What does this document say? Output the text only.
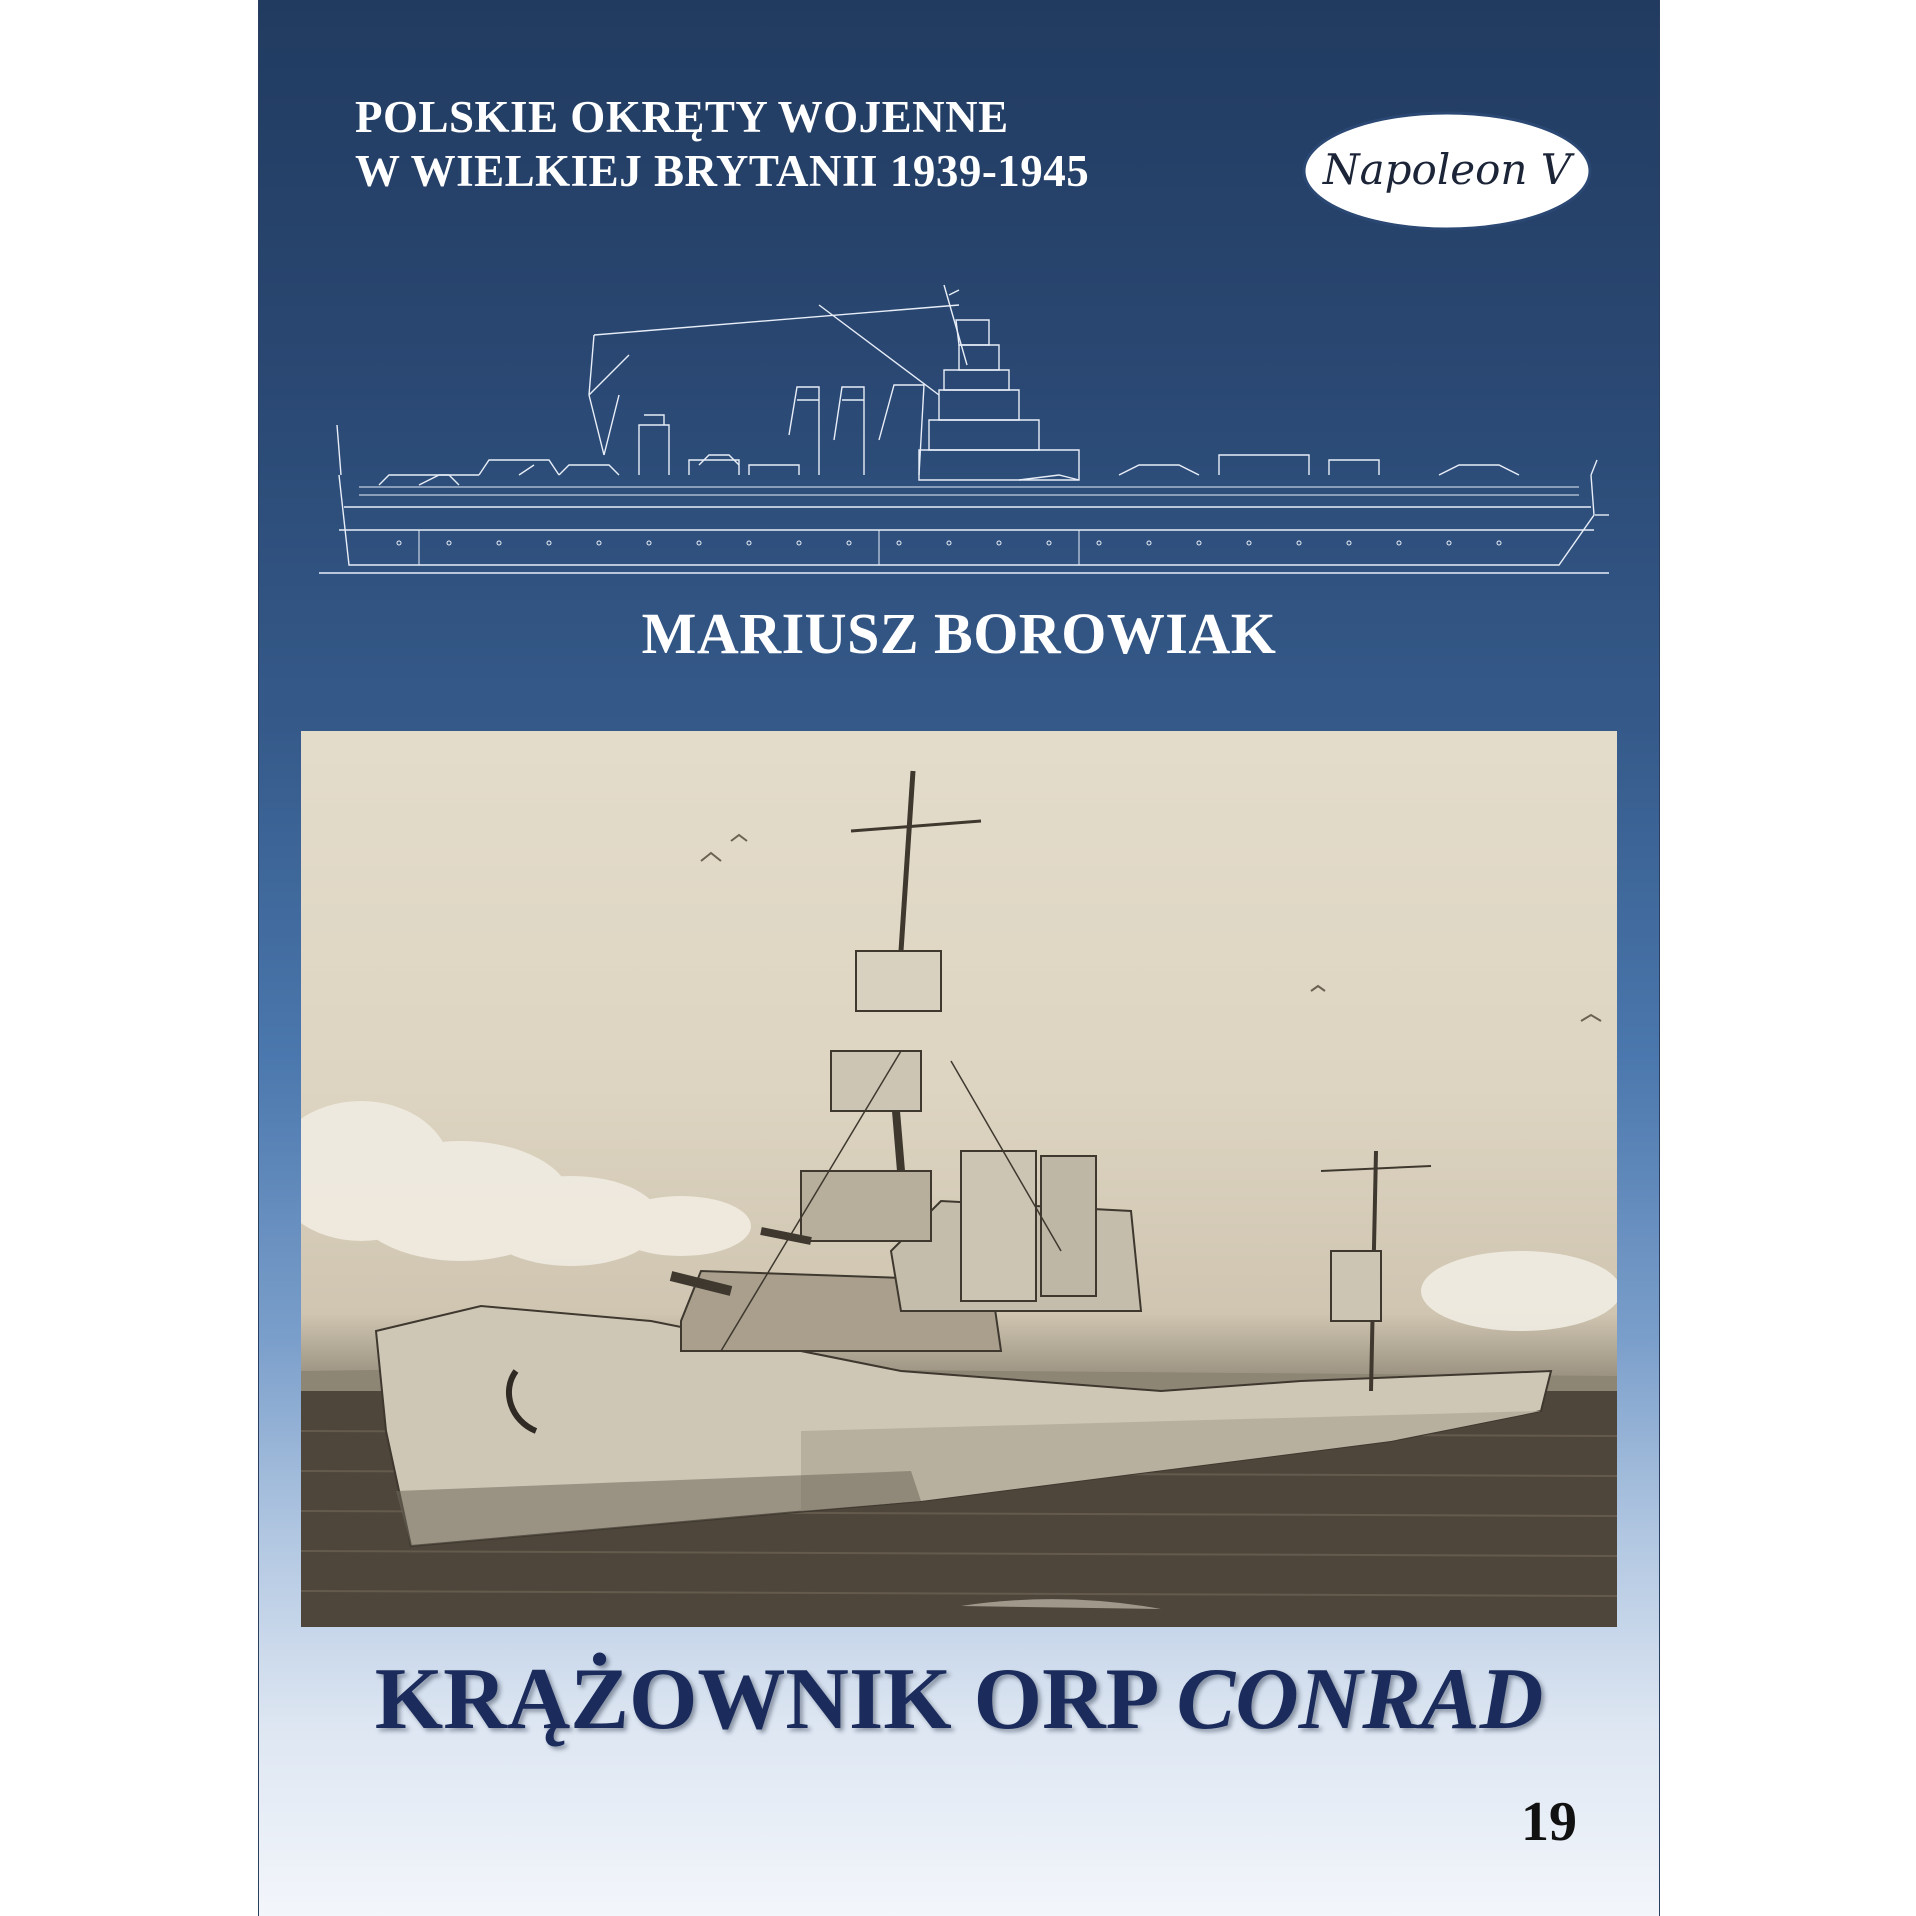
POLSKIE OKRĘTY WOJENNE
W WIELKIEJ BRYTANII 1939-1945	Napoleon V
MARIUSZ BOROWIAK
KRĄŻOWNIK ORP CONRAD

19
